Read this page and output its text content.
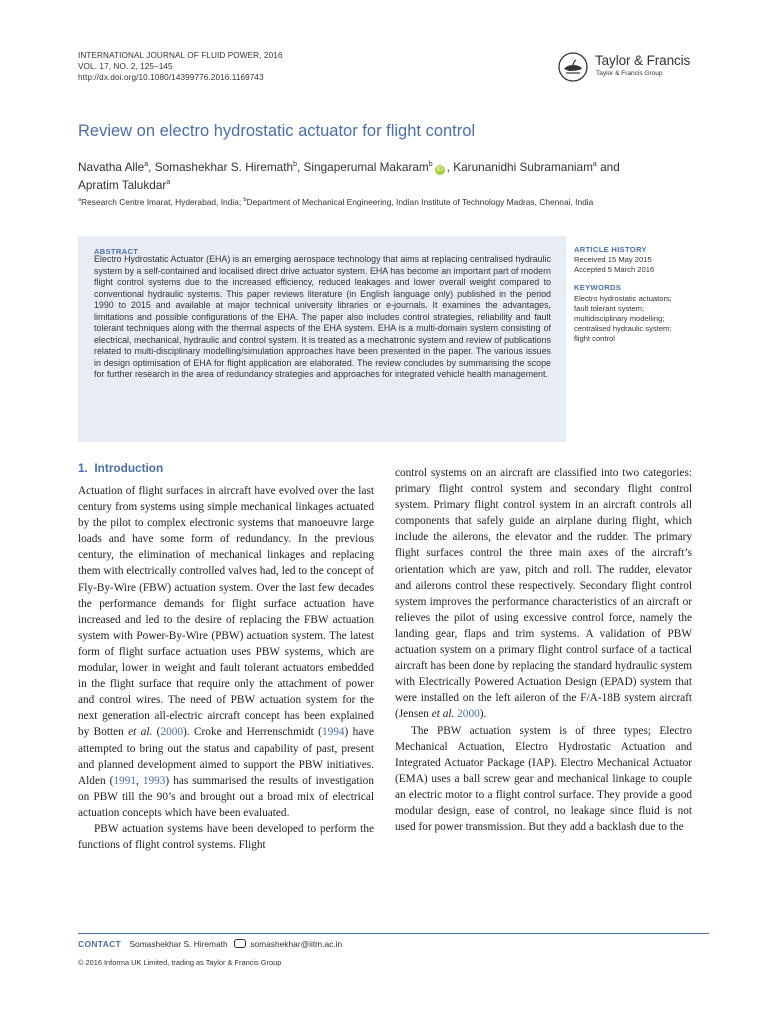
INTERNATIONAL JOURNAL OF FLUID POWER, 2016
VOL. 17, NO. 2, 125–145
http://dx.doi.org/10.1080/14399776.2016.1169743
Taylor & Francis
Taylor & Francis Group
Review on electro hydrostatic actuator for flight control
Navatha Alle$^a$, Somashekhar S. Hiremath$^b$, Singaperumal Makaram$^b$iD , Karunanidhi Subramaniam$^a$ and
Apratim Talukdar$^a$
$^a$Research Centre Imarat, Hyderabad, India; $^b$Department of Mechanical Engineering, Indian Institute of Technology Madras, Chennai, India
ABSTRACT

Electro Hydrostatic Actuator (EHA) is an emerging aerospace technology that aims at replacing centralised hydraulic system by a self-contained and localised direct drive actuator system. EHA has become an important part of modern flight control systems due to the increased efficiency, reduced leakages and lower overall weight compared to conventional hydraulic systems. This paper reviews literature (in English language only) published in the period 1990 to 2015 and available at major technical university libraries or e-journals. It examines the advantages, limitations and possible configurations of the EHA. The paper also includes control strategies, reliability and fault tolerant techniques along with the thermal aspects of the EHA system. EHA is a multi-domain system consisting of electrical, mechanical, hydraulic and control system. It is treated as a mechatronic system and review of publications related to multi-disciplinary modelling/simulation approaches have been presented in the paper. The various issues in design optimisation of EHA for flight application are elaborated. The review concludes by summarising the scope for further research in the area of redundancy strategies and approaches for integrated vehicle health management.

ARTICLE HISTORY
Received 15 May 2015
Accepted 5 March 2016
KEYWORDS
Electro hydrostatic actuators;
fault tolerant system;
multidisciplinary modelling;
centralised hydraulic system;
flight control
1. Introduction

Actuation of flight surfaces in aircraft have evolved over the last century from systems using simple mechanical linkages actuated by the pilot to complex electronic systems that manoeuvre large loads and have some form of redundancy. In the previous century, the elimination of mechanical linkages and replacing them with electrically controlled valves had, led to the concept of Fly-By-Wire (FBW) actuation system. Over the last few decades the performance demands for flight surface actuation have increased and led to the desire of replacing the FBW actuation system with Power-By-Wire (PBW) actuation system. The latest form of flight surface actuation uses PBW systems, which are modular, lower in weight and fault tolerant actuators embedded in the flight surface that require only the attachment of power and control wires. The need of PBW actuation system for the next generation all-electric aircraft concept has been explained by Botten et al. (2000). Croke and Herrenschmidt (1994) have attempted to bring out the status and capability of past, present and planned development aimed to support the PBW initiatives. Alden (1991, 1993) has summarised the results of investigation on PBW till the 90’s and brought out a broad mix of electrical actuation concepts which have been evaluated.

PBW actuation systems have been developed to perform the functions of flight control systems. Flight

control systems on an aircraft are classified into two categories: primary flight control system and secondary flight control system. Primary flight control system in an aircraft controls all components that safely guide an airplane during flight, which include the ailerons, the elevator and the rudder. The primary flight surfaces control the three main axes of the aircraft’s orientation which are yaw, pitch and roll. The rudder, elevator and ailerons control these respectively. Secondary flight control system improves the performance characteristics of an aircraft or relieves the pilot of using excessive control force, namely the landing gear, flaps and trim systems. A validation of PBW actuation system on a primary flight control surface of a tactical aircraft has been done by replacing the standard hydraulic system with Electrically Powered Actuation Design (EPAD) system that were installed on the left aileron of the F/A-18B system aircraft (Jensen et al. 2000).

The PBW actuation system is of three types; Electro Mechanical Actuation, Electro Hydrostatic Actuation and Integrated Actuator Package (IAP). Electro Mechanical Actuator (EMA) uses a ball screw gear and mechanical linkage to couple an electric motor to a flight control surface. They provide a good modular design, ease of control, no leakage since fluid is not used for power transmission. But they add a backlash due to the

CONTACT Somashekhar S. Hiremath	somashekhar@iitm.ac.in
© 2016 Informa UK Limited, trading as Taylor & Francis Group
